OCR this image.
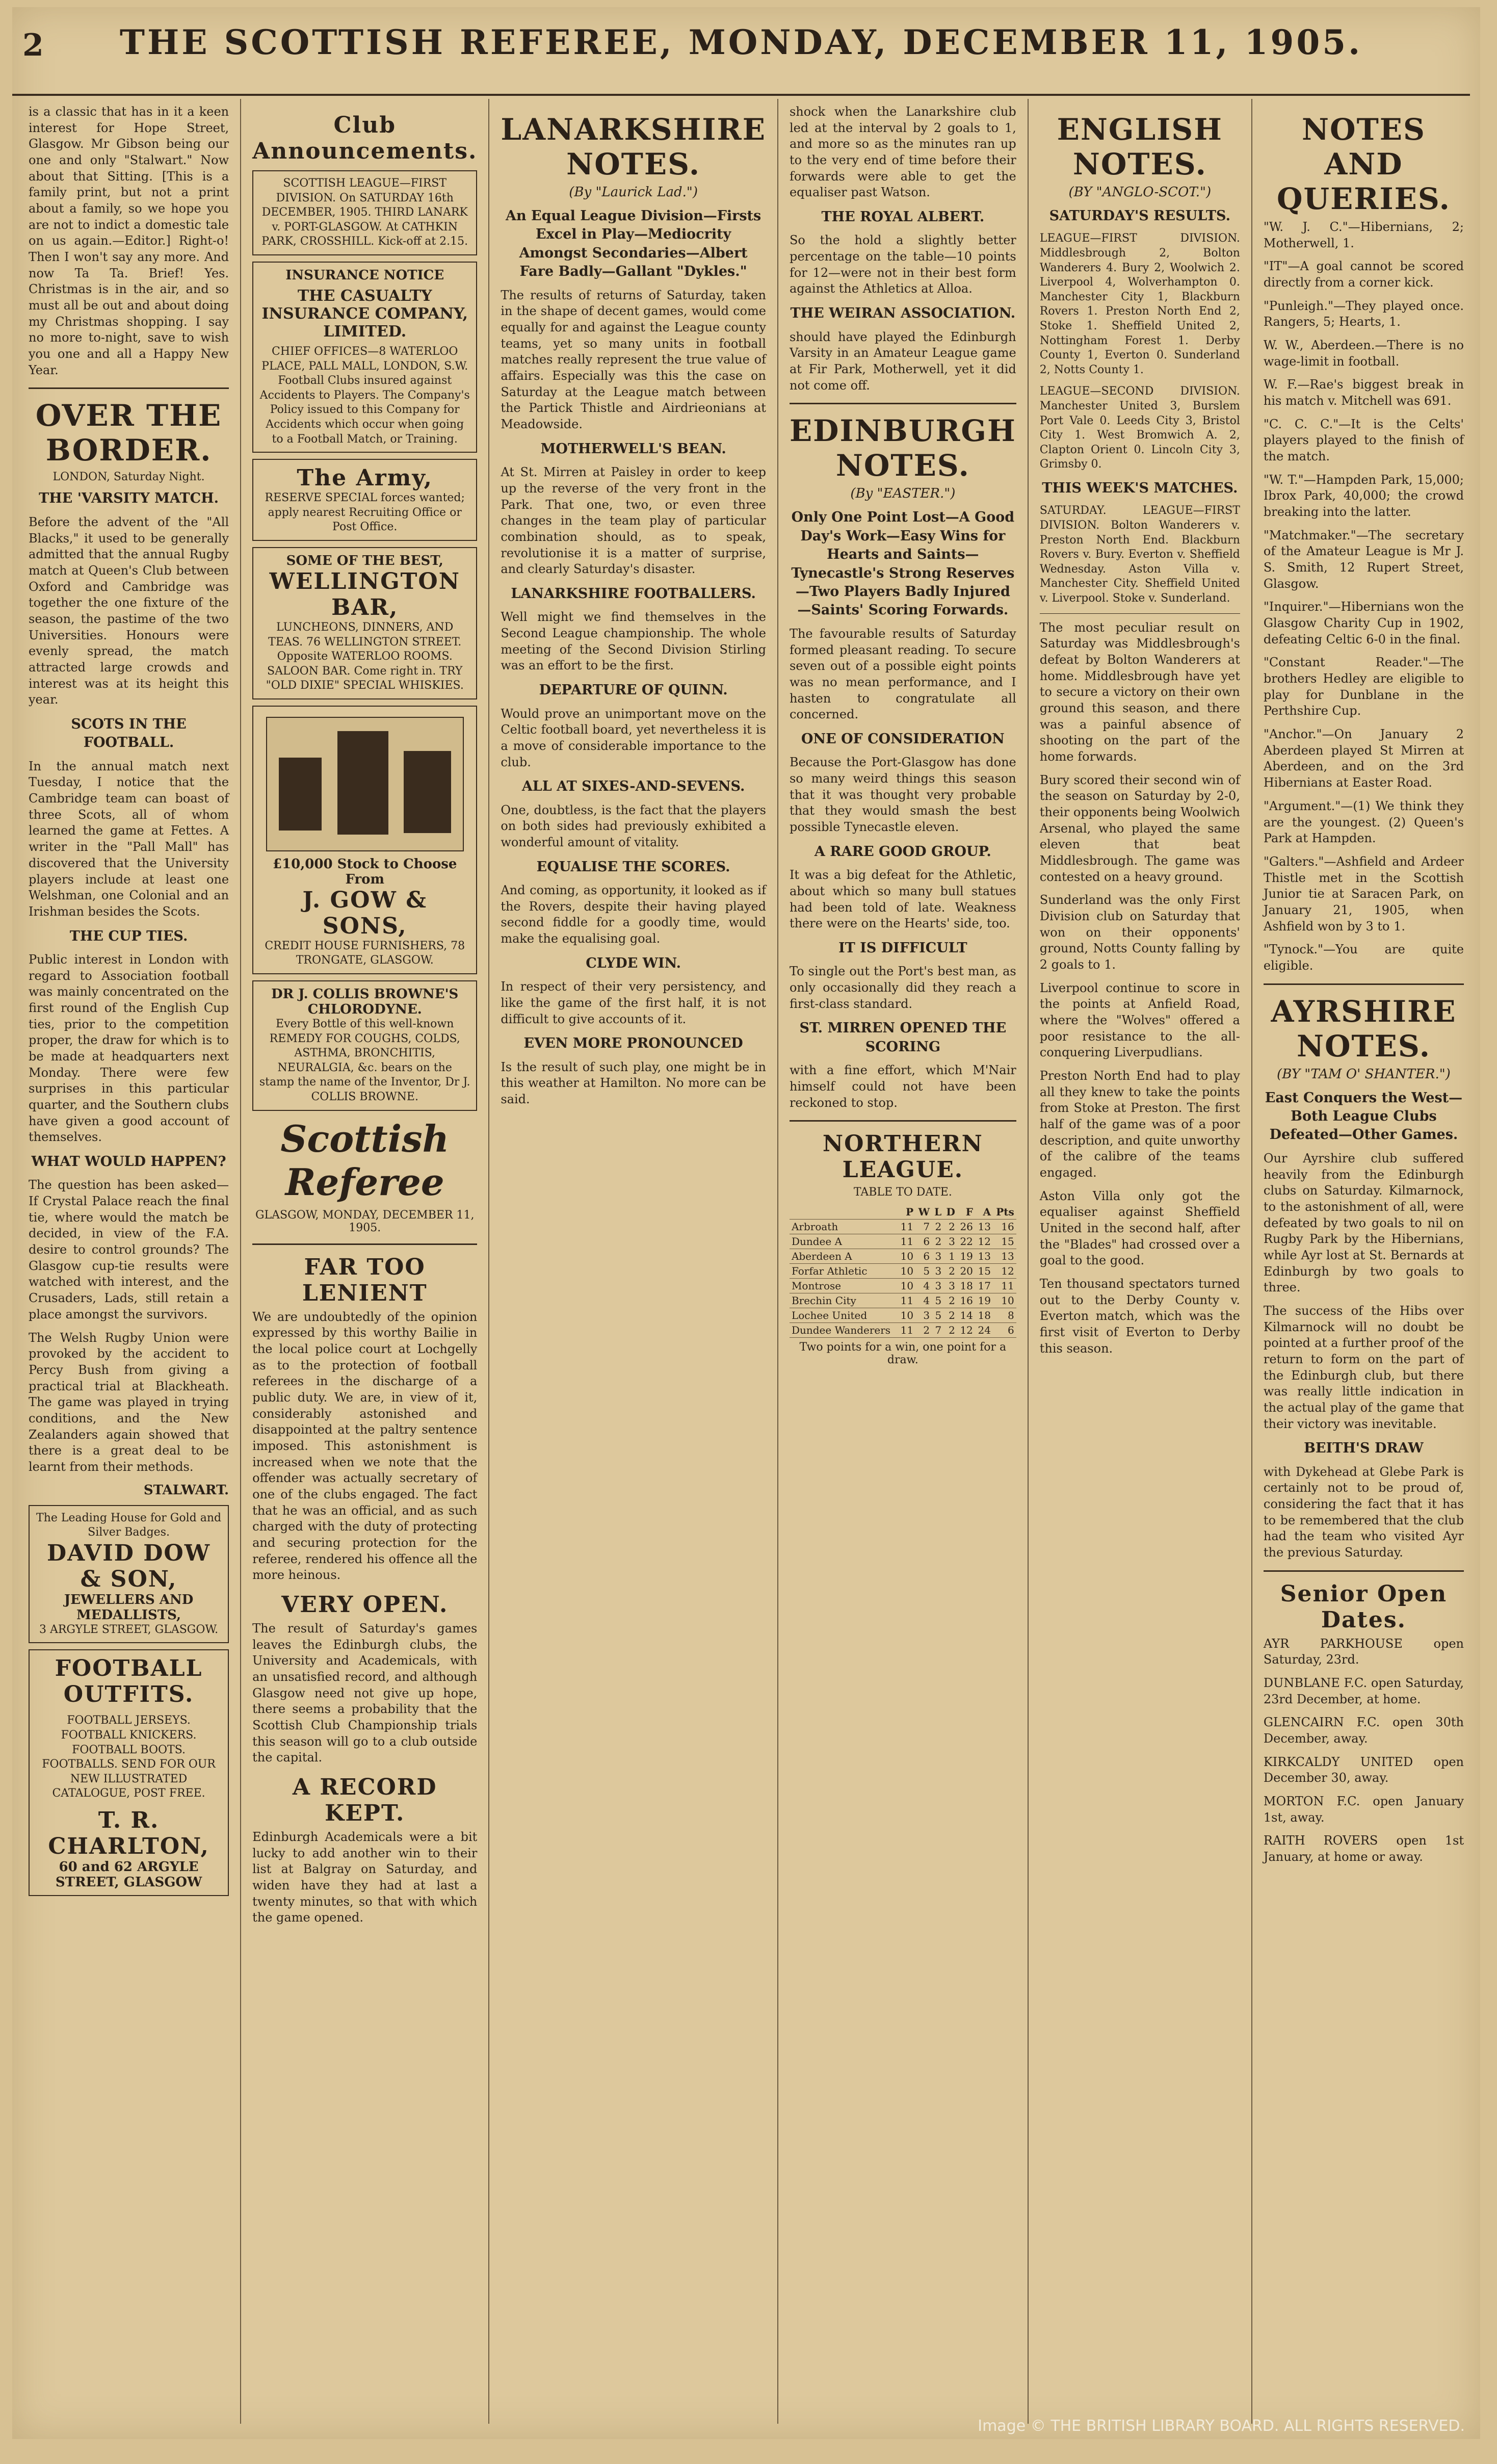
2	THE SCOTTISH REFEREE, MONDAY, DECEMBER 11, 1905.

is a classic that has in it a keen interest for Hope Street, Glasgow. Mr Gibson being our one and only "Stalwart." Now about that Sitting. [This is a family print, but not a print about a family, so we hope you are not to indict a domestic tale on us again.—Editor.] Right-o! Then I won't say any more. And now Ta Ta. Brief! Yes. Christmas is in the air, and so must all be out and about doing my Christmas shopping. I say no more to-night, save to wish you one and all a Happy New Year.

OVER THE BORDER.
LONDON, Saturday Night.
THE 'VARSITY MATCH.

Before the advent of the "All Blacks," it used to be generally admitted that the annual Rugby match at Queen's Club between Oxford and Cambridge was together the one fixture of the season, the pastime of the two Universities. Honours were evenly spread, the match attracted large crowds and interest was at its height this year.

SCOTS IN THE FOOTBALL.

In the annual match next Tuesday, I notice that the Cambridge team can boast of three Scots, all of whom learned the game at Fettes. A writer in the "Pall Mall" has discovered that the University players include at least one Welshman, one Colonial and an Irishman besides the Scots.

THE CUP TIES.

Public interest in London with regard to Association football was mainly concentrated on the first round of the English Cup ties, prior to the competition proper, the draw for which is to be made at headquarters next Monday. There were few surprises in this particular quarter, and the Southern clubs have given a good account of themselves.

WHAT WOULD HAPPEN?

The question has been asked—If Crystal Palace reach the final tie, where would the match be decided, in view of the F.A. desire to control grounds? The Glasgow cup-tie results were watched with interest, and the Crusaders, Lads, still retain a place amongst the survivors.

The Welsh Rugby Union were provoked by the accident to Percy Bush from giving a practical trial at Blackheath. The game was played in trying conditions, and the New Zealanders again showed that there is a great deal to be learnt from their methods.

STALWART.
The Leading House for Gold and Silver Badges.
DAVID DOW & SON,
JEWELLERS AND MEDALLISTS,
3 ARGYLE STREET, GLASGOW.
FOOTBALL OUTFITS.
FOOTBALL JERSEYS. FOOTBALL KNICKERS. FOOTBALL BOOTS. FOOTBALLS. SEND FOR OUR NEW ILLUSTRATED CATALOGUE, POST FREE.
T. R. CHARLTON,
60 and 62 ARGYLE STREET, GLASGOW
Club Announcements.
SCOTTISH LEAGUE—FIRST DIVISION. On SATURDAY 16th DECEMBER, 1905. THIRD LANARK v. PORT-GLASGOW. At CATHKIN PARK, CROSSHILL. Kick-off at 2.15.
INSURANCE NOTICE
THE CASUALTY INSURANCE COMPANY, LIMITED.
CHIEF OFFICES—8 WATERLOO PLACE, PALL MALL, LONDON, S.W. Football Clubs insured against Accidents to Players. The Company's Policy issued to this Company for Accidents which occur when going to a Football Match, or Training.
The Army,
RESERVE SPECIAL forces wanted; apply nearest Recruiting Office or Post Office.
SOME OF THE BEST,
WELLINGTON BAR,
LUNCHEONS, DINNERS, AND TEAS. 76 WELLINGTON STREET. Opposite WATERLOO ROOMS. SALOON BAR. Come right in. TRY "OLD DIXIE" SPECIAL WHISKIES.
£10,000 Stock to Choose From
J. GOW & SONS,
CREDIT HOUSE FURNISHERS, 78 TRONGATE, GLASGOW.
DR J. COLLIS BROWNE'S CHLORODYNE.
Every Bottle of this well-known REMEDY FOR COUGHS, COLDS, ASTHMA, BRONCHITIS, NEURALGIA, &c. bears on the stamp the name of the Inventor, Dr J. COLLIS BROWNE.
Scottish Referee
GLASGOW, MONDAY, DECEMBER 11, 1905.
FAR TOO LENIENT

We are undoubtedly of the opinion expressed by this worthy Bailie in the local police court at Lochgelly as to the protection of football referees in the discharge of a public duty. We are, in view of it, considerably astonished and disappointed at the paltry sentence imposed. This astonishment is increased when we note that the offender was actually secretary of one of the clubs engaged. The fact that he was an official, and as such charged with the duty of protecting and securing protection for the referee, rendered his offence all the more heinous.

VERY OPEN.

The result of Saturday's games leaves the Edinburgh clubs, the University and Academicals, with an unsatisfied record, and although Glasgow need not give up hope, there seems a probability that the Scottish Club Championship trials this season will go to a club outside the capital.

A RECORD KEPT.

Edinburgh Academicals were a bit lucky to add another win to their list at Balgray on Saturday, and widen have they had at last a twenty minutes, so that with which the game opened.

LANARKSHIRE NOTES.
(By "Laurick Lad.")
An Equal League Division—Firsts Excel in Play—Mediocrity Amongst Secondaries—Albert Fare Badly—Gallant "Dykles."

The results of returns of Saturday, taken in the shape of decent games, would come equally for and against the League county teams, yet so many units in football matches really represent the true value of affairs. Especially was this the case on Saturday at the League match between the Partick Thistle and Airdrieonians at Meadowside.

MOTHERWELL'S BEAN.

At St. Mirren at Paisley in order to keep up the reverse of the very front in the Park. That one, two, or even three changes in the team play of particular combination should, as to speak, revolutionise it is a matter of surprise, and clearly Saturday's disaster.

LANARKSHIRE FOOTBALLERS.

Well might we find themselves in the Second League championship. The whole meeting of the Second Division Stirling was an effort to be the first.

DEPARTURE OF QUINN.

Would prove an unimportant move on the Celtic football board, yet nevertheless it is a move of considerable importance to the club.

ALL AT SIXES-AND-SEVENS.

One, doubtless, is the fact that the players on both sides had previously exhibited a wonderful amount of vitality.

EQUALISE THE SCORES.

And coming, as opportunity, it looked as if the Rovers, despite their having played second fiddle for a goodly time, would make the equalising goal.

CLYDE WIN.

In respect of their very persistency, and like the game of the first half, it is not difficult to give accounts of it.

EVEN MORE PRONOUNCED

Is the result of such play, one might be in this weather at Hamilton. No more can be said.

shock when the Lanarkshire club led at the interval by 2 goals to 1, and more so as the minutes ran up to the very end of time before their forwards were able to get the equaliser past Watson.

THE ROYAL ALBERT.

So the hold a slightly better percentage on the table—10 points for 12—were not in their best form against the Athletics at Alloa.

THE WEIRAN ASSOCIATION.

should have played the Edinburgh Varsity in an Amateur League game at Fir Park, Motherwell, yet it did not come off.

EDINBURGH NOTES.
(By "EASTER.")
Only One Point Lost—A Good Day's Work—Easy Wins for Hearts and Saints—Tynecastle's Strong Reserves—Two Players Badly Injured—Saints' Scoring Forwards.

The favourable results of Saturday formed pleasant reading. To secure seven out of a possible eight points was no mean performance, and I hasten to congratulate all concerned.

ONE OF CONSIDERATION

Because the Port-Glasgow has done so many weird things this season that it was thought very probable that they would smash the best possible Tynecastle eleven.

A RARE GOOD GROUP.

It was a big defeat for the Athletic, about which so many bull statues had been told of late. Weakness there were on the Hearts' side, too.

IT IS DIFFICULT

To single out the Port's best man, as only occasionally did they reach a first-class standard.

ST. MIRREN OPENED THE SCORING

with a fine effort, which M'Nair himself could not have been reckoned to stop.

NORTHERN LEAGUE.
TABLE TO DATE.
	P	W	L	D	F	A	Pts
Arbroath	11	7	2	2	26	13	16
Dundee A	11	6	2	3	22	12	15
Aberdeen A	10	6	3	1	19	13	13
Forfar Athletic	10	5	3	2	20	15	12
Montrose	10	4	3	3	18	17	11
Brechin City	11	4	5	2	16	19	10
Lochee United	10	3	5	2	14	18	8
Dundee Wanderers	11	2	7	2	12	24	6
Two points for a win, one point for a draw.
ENGLISH NOTES.
(BY "ANGLO-SCOT.")
SATURDAY'S RESULTS.

LEAGUE—FIRST DIVISION. Middlesbrough 2, Bolton Wanderers 4. Bury 2, Woolwich 2. Liverpool 4, Wolverhampton 0. Manchester City 1, Blackburn Rovers 1. Preston North End 2, Stoke 1. Sheffield United 2, Nottingham Forest 1. Derby County 1, Everton 0. Sunderland 2, Notts County 1.

LEAGUE—SECOND DIVISION. Manchester United 3, Burslem Port Vale 0. Leeds City 3, Bristol City 1. West Bromwich A. 2, Clapton Orient 0. Lincoln City 3, Grimsby 0.

THIS WEEK'S MATCHES.

SATURDAY. LEAGUE—FIRST DIVISION. Bolton Wanderers v. Preston North End. Blackburn Rovers v. Bury. Everton v. Sheffield Wednesday. Aston Villa v. Manchester City. Sheffield United v. Liverpool. Stoke v. Sunderland.

The most peculiar result on Saturday was Middlesbrough's defeat by Bolton Wanderers at home. Middlesbrough have yet to secure a victory on their own ground this season, and there was a painful absence of shooting on the part of the home forwards.

Bury scored their second win of the season on Saturday by 2-0, their opponents being Woolwich Arsenal, who played the same eleven that beat Middlesbrough. The game was contested on a heavy ground.

Sunderland was the only First Division club on Saturday that won on their opponents' ground, Notts County falling by 2 goals to 1.

Liverpool continue to score in the points at Anfield Road, where the "Wolves" offered a poor resistance to the all-conquering Liverpudlians.

Preston North End had to play all they knew to take the points from Stoke at Preston. The first half of the game was of a poor description, and quite unworthy of the calibre of the teams engaged.

Aston Villa only got the equaliser against Sheffield United in the second half, after the "Blades" had crossed over a goal to the good.

Ten thousand spectators turned out to the Derby County v. Everton match, which was the first visit of Everton to Derby this season.

NOTES AND QUERIES.

"W. J. C."—Hibernians, 2; Motherwell, 1.

"IT"—A goal cannot be scored directly from a corner kick.

"Punleigh."—They played once. Rangers, 5; Hearts, 1.

W. W., Aberdeen.—There is no wage-limit in football.

W. F.—Rae's biggest break in his match v. Mitchell was 691.

"C. C. C."—It is the Celts' players played to the finish of the match.

"W. T."—Hampden Park, 15,000; Ibrox Park, 40,000; the crowd breaking into the latter.

"Matchmaker."—The secretary of the Amateur League is Mr J. S. Smith, 12 Rupert Street, Glasgow.

"Inquirer."—Hibernians won the Glasgow Charity Cup in 1902, defeating Celtic 6-0 in the final.

"Constant Reader."—The brothers Hedley are eligible to play for Dunblane in the Perthshire Cup.

"Anchor."—On January 2 Aberdeen played St Mirren at Aberdeen, and on the 3rd Hibernians at Easter Road.

"Argument."—(1) We think they are the youngest. (2) Queen's Park at Hampden.

"Galters."—Ashfield and Ardeer Thistle met in the Scottish Junior tie at Saracen Park, on January 21, 1905, when Ashfield won by 3 to 1.

"Tynock."—You are quite eligible.

AYRSHIRE NOTES.
(BY "TAM O' SHANTER.")
East Conquers the West—Both League Clubs Defeated—Other Games.

Our Ayrshire club suffered heavily from the Edinburgh clubs on Saturday. Kilmarnock, to the astonishment of all, were defeated by two goals to nil on Rugby Park by the Hibernians, while Ayr lost at St. Bernards at Edinburgh by two goals to three.

The success of the Hibs over Kilmarnock will no doubt be pointed at a further proof of the return to form on the part of the Edinburgh club, but there was really little indication in the actual play of the game that their victory was inevitable.

BEITH'S DRAW

with Dykehead at Glebe Park is certainly not to be proud of, considering the fact that it has to be remembered that the club had the team who visited Ayr the previous Saturday.

Senior Open Dates.

AYR PARKHOUSE open Saturday, 23rd.

DUNBLANE F.C. open Saturday, 23rd December, at home.

GLENCAIRN F.C. open 30th December, away.

KIRKCALDY UNITED open December 30, away.

MORTON F.C. open January 1st, away.

RAITH ROVERS open 1st January, at home or away.

Image © THE BRITISH LIBRARY BOARD. ALL RIGHTS RESERVED.
